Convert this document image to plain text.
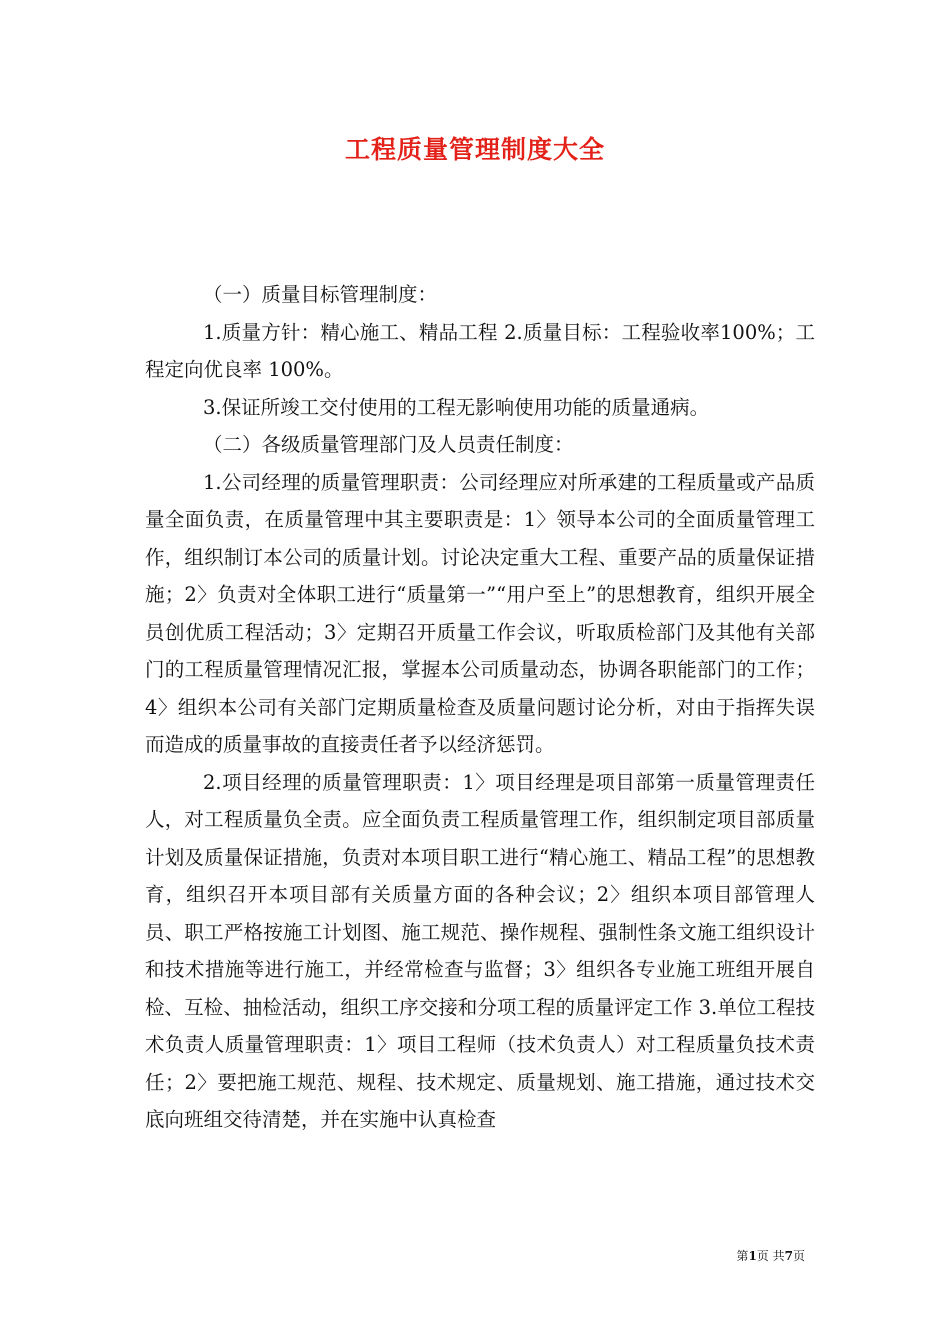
工程质量管理制度大全

（一）质量目标管理制度：

1.质量方针：精心施工、精品工程 2.质量目标：工程验收率100%；工程定向优良率 100%。

3.保证所竣工交付使用的工程无影响使用功能的质量通病。

（二）各级质量管理部门及人员责任制度：

1.公司经理的质量管理职责：公司经理应对所承建的工程质量或产品质量全面负责，在质量管理中其主要职责是：1〉领导本公司的全面质量管理工作，组织制订本公司的质量计划。讨论决定重大工程、重要产品的质量保证措施；2〉负责对全体职工进行“质量第一”“用户至上”的思想教育，组织开展全员创优质工程活动；3〉定期召开质量工作会议，听取质检部门及其他有关部门的工程质量管理情况汇报，掌握本公司质量动态，协调各职能部门的工作；4〉组织本公司有关部门定期质量检查及质量问题讨论分析，对由于指挥失误而造成的质量事故的直接责任者予以经济惩罚。

2.项目经理的质量管理职责：1〉项目经理是项目部第一质量管理责任人，对工程质量负全责。应全面负责工程质量管理工作，组织制定项目部质量计划及质量保证措施，负责对本项目职工进行“精心施工、精品工程”的思想教育，组织召开本项目部有关质量方面的各种会议；2〉组织本项目部管理人员、职工严格按施工计划图、施工规范、操作规程、强制性条文施工组织设计和技术措施等进行施工，并经常检查与监督；3〉组织各专业施工班组开展自检、互检、抽检活动，组织工序交接和分项工程的质量评定工作 3.单位工程技术负责人质量管理职责：1〉项目工程师（技术负责人）对工程质量负技术责任；2〉要把施工规范、规程、技术规定、质量规划、施工措施，通过技术交底向班组交待清楚，并在实施中认真检查

第1页 共7页
